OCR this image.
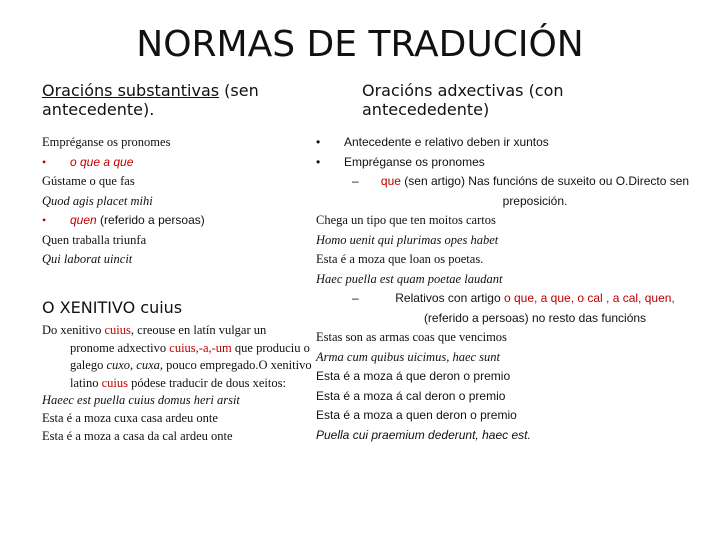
NORMAS DE TRADUCIÓN
Oracións substantivas (sen antecedente).
Oracións adxectivas (con antecededente)
Empréganse os pronomes
• o que a que
Gústame o que fas
Quod agis placet mihi
• quen (referido a persoas)
Quen traballa triunfa
Qui laborat uincit
O XENITIVO cuius
Do xenitivo cuius, creouse en latín vulgar un pronome adxectivo cuius,-a,-um que produciu o galego cuxo, cuxa, pouco empregado.O xenitivo latino cuius pódese traducir de dous xeitos:
Haeec est puella cuius domus heri arsit
Esta é a moza cuxa casa ardeu onte
Esta é a moza a casa da cal ardeu onte
• Antecedente e relativo deben ir xuntos
• Empréganse os pronomes
– que (sen artigo) Nas funcións de suxeito ou O.Directo sen preposición.
Chega un tipo que ten moitos cartos
Homo uenit qui plurimas opes habet
Esta é a moza que loan os poetas.
Haec puella est quam poetae laudant
–	Relativos con artigo o que, a que, o cal , a cal, quen, (referido a persoas) no resto das funcións
Estas son as armas coas que vencimos
Arma cum quibus uicimus, haec sunt
Esta é a moza á que deron o premio
Esta é a moza á cal deron o premio
Esta é a moza a quen deron o premio
Puella cui praemium dederunt, haec est.
